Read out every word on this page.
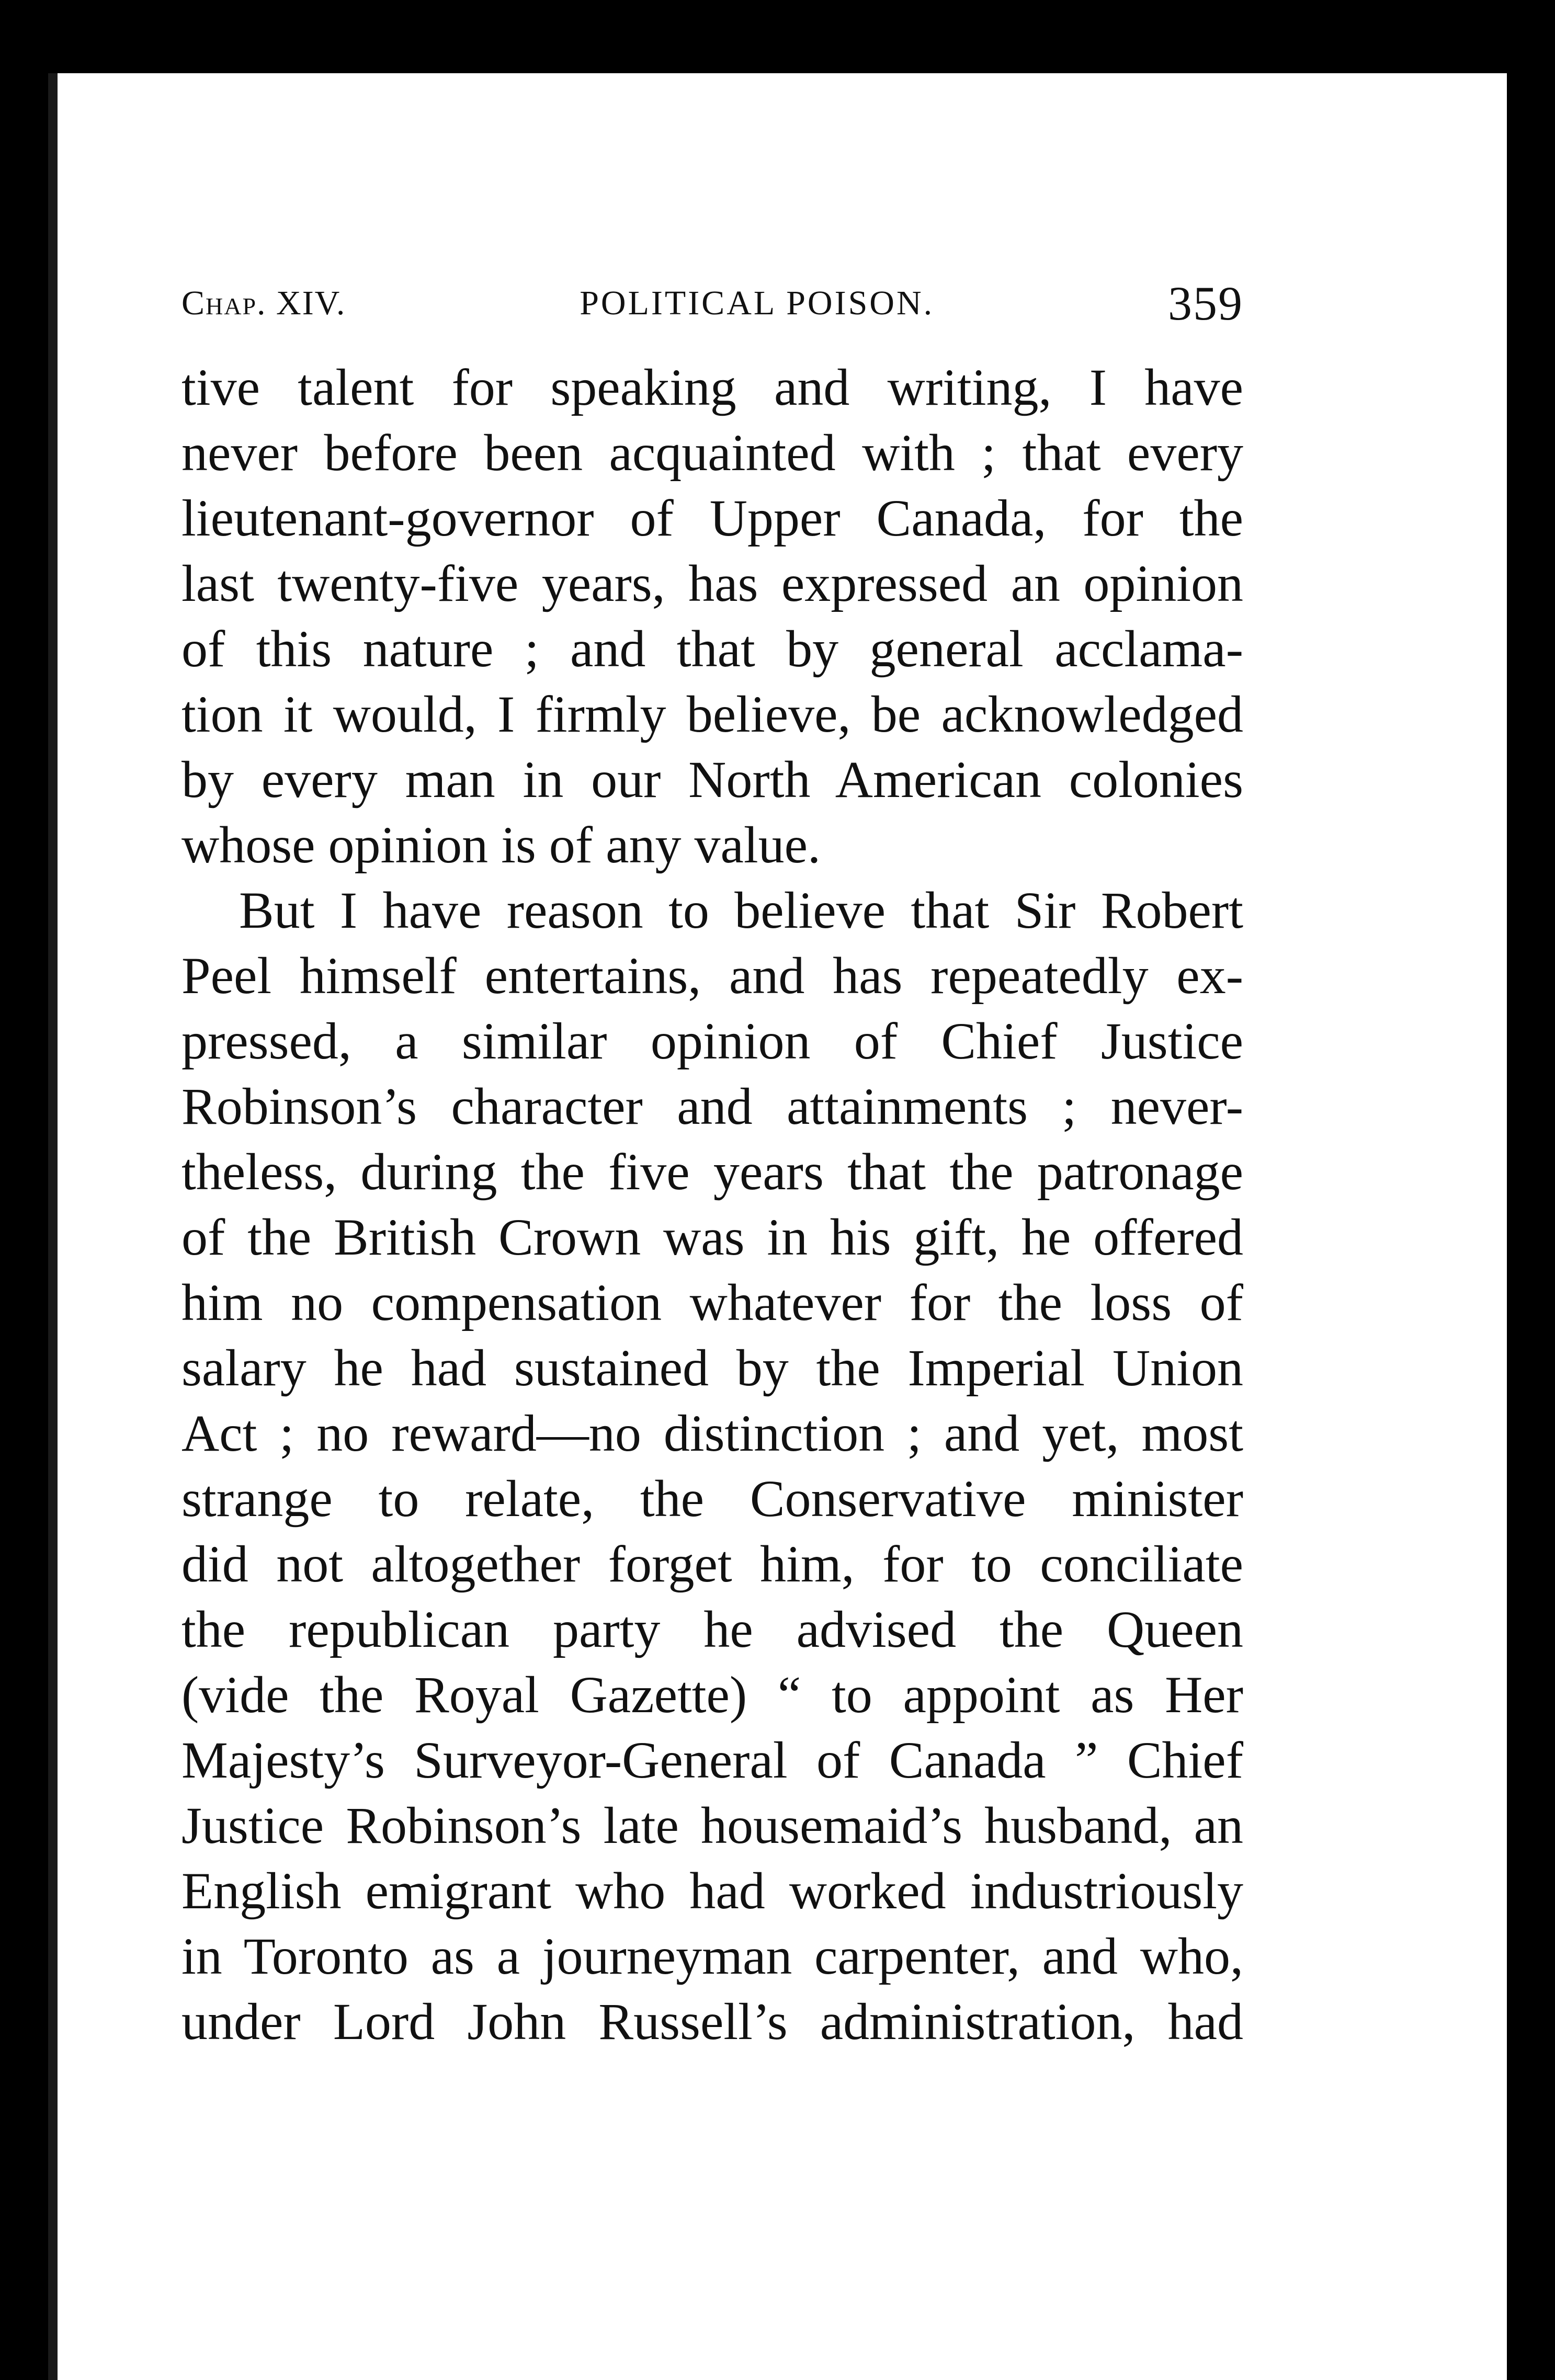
Chap. XIV.	POLITICAL POISON.	359
tive talent for speaking and writing, I have
never before been acquainted with ; that every
lieutenant-governor of Upper Canada, for the
last twenty-five years, has expressed an opinion
of this nature ; and that by general acclama-
tion it would, I firmly believe, be acknowledged
by every man in our North American colonies
whose opinion is of any value.
But I have reason to believe that Sir Robert
Peel himself entertains, and has repeatedly ex-
pressed, a similar opinion of Chief Justice
Robinson’s character and attainments ; never-
theless, during the five years that the patronage
of the British Crown was in his gift, he offered
him no compensation whatever for the loss of
salary he had sustained by the Imperial Union
Act ; no reward—no distinction ; and yet, most
strange to relate, the Conservative minister
did not altogether forget him, for to conciliate
the republican party he advised the Queen
(vide the Royal Gazette) “ to appoint as Her
Majesty’s Surveyor-General of Canada ” Chief
Justice Robinson’s late housemaid’s husband, an
English emigrant who had worked industriously
in Toronto as a journeyman carpenter, and who,
under Lord John Russell’s administration, had
